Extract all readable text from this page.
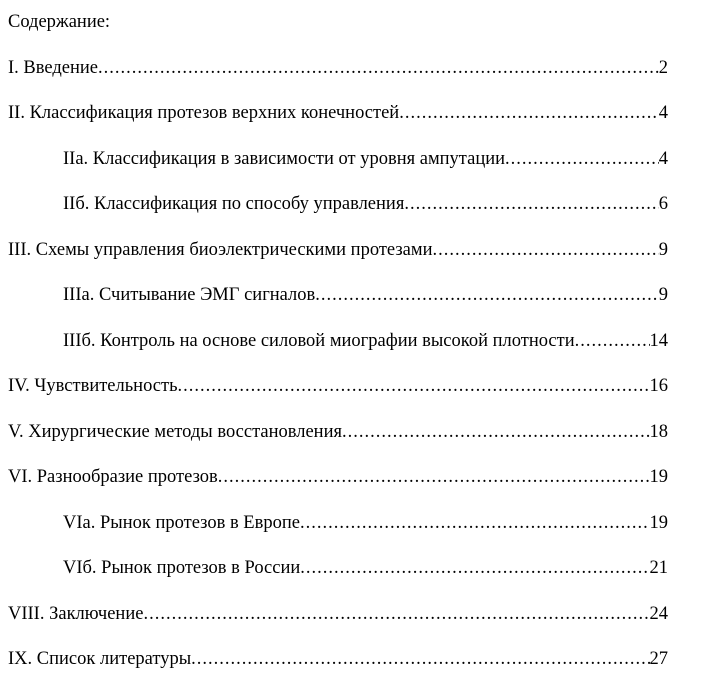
Содержание:
I. Введение .....	2
II. Классификация протезов верхних конечностей .....	4
IIа. Классификация в зависимости от уровня ампутации .....	4
IIб. Классификация по способу управления .....	6
III. Схемы управления биоэлектрическими протезами .....	9
IIIа. Считывание ЭМГ сигналов .....	9
IIIб. Контроль на основе силовой миографии высокой плотности .....	14
IV. Чувствительность .....	16
V. Хирургические методы восстановления .....	18
VI. Разнообразие протезов .....	19
VIа. Рынок протезов в Европе .....	19
VIб. Рынок протезов в России .....	21
VIII. Заключение .....	24
IX. Список литературы .....	27
